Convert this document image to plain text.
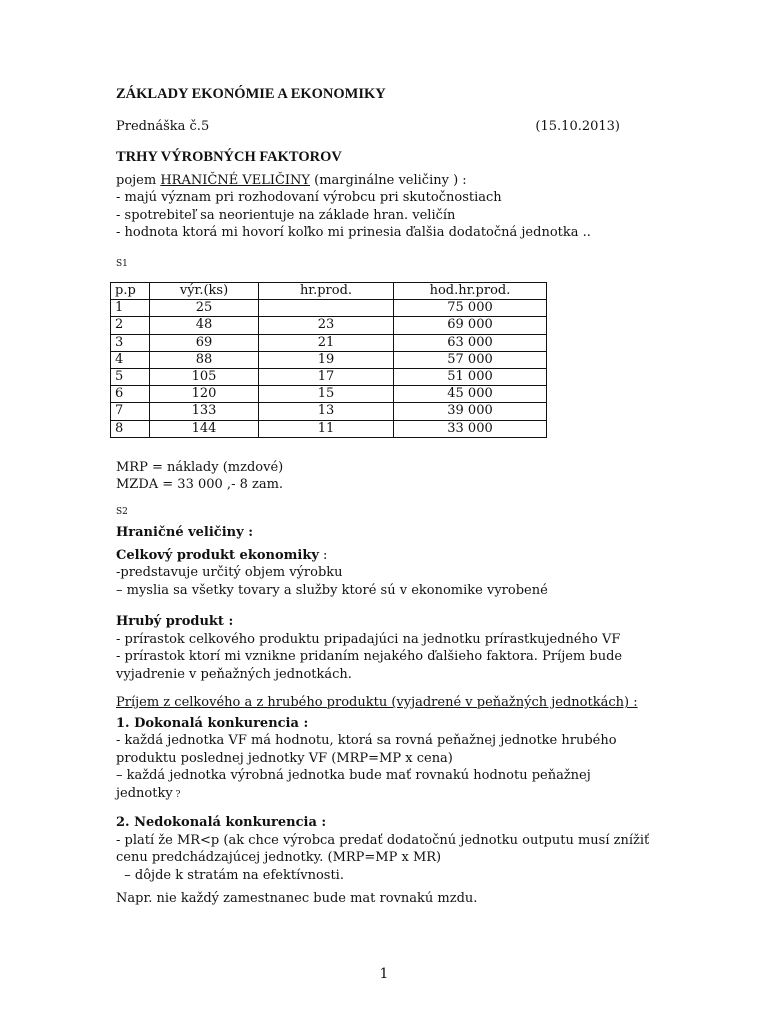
ZÁKLADY EKONÓMIE A EKONOMIKY
Prednáška č.5	(15.10.2013)
TRHY VÝROBNÝCH FAKTOROV
pojem HRANIČNÉ VELIČINY (marginálne veličiny ) :
- majú význam pri rozhodovaní výrobcu pri skutočnostiach
- spotrebiteľ sa neorientuje na základe hran. veličín
- hodnota ktorá mi hovorí koľko mi prinesia ďalšia dodatočná jednotka ..
S1
p.p	výr.(ks)	hr.prod.	hod.hr.prod.
1	25		75 000
2	48	23	69 000
3	69	21	63 000
4	88	19	57 000
5	105	17	51 000
6	120	15	45 000
7	133	13	39 000
8	144	11	33 000
MRP = náklady (mzdové)
MZDA = 33 000 ,- 8 zam.
S2
Hraničné veličiny :
Celkový produkt ekonomiky :
-predstavuje určitý objem výrobku
– myslia sa všetky tovary a služby ktoré sú v ekonomike vyrobené
Hrubý produkt :
- prírastok celkového produktu pripadajúci na jednotku prírastkujedného VF
- prírastok ktorí mi vznikne pridaním nejakého ďalšieho faktora. Príjem bude
vyjadrenie v peňažných jednotkách.
Príjem z celkového a z hrubého produktu (vyjadrené v peňažných jednotkách) :
1. Dokonalá konkurencia :
- každá jednotka VF má hodnotu, ktorá sa rovná peňažnej jednotke hrubého
produktu poslednej jednotky VF (MRP=MP x cena)
– každá jednotka výrobná jednotka bude mať rovnakú hodnotu peňažnej
jednotky ?
2. Nedokonalá konkurencia :
- platí že MR<p (ak chce výrobca predať dodatočnú jednotku outputu musí znížiť
cenu predchádzajúcej jednotky. (MRP=MP x MR)
– dôjde k stratám na efektívnosti.
Napr. nie každý zamestnanec bude mat rovnakú mzdu.
1
